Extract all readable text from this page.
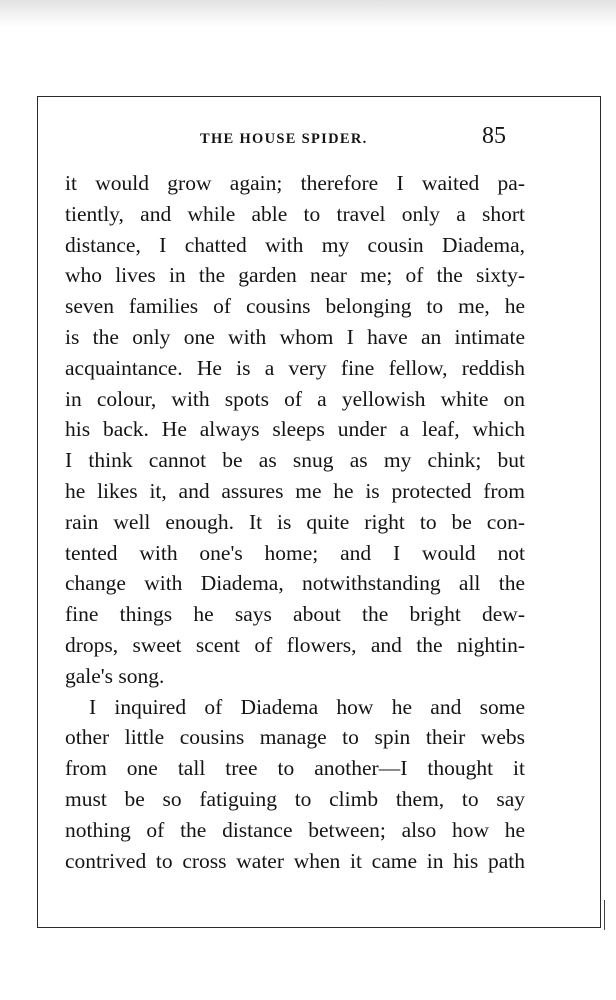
THE HOUSE SPIDER.	85
it would grow again; therefore I waited pa-
tiently, and while able to travel only a short
distance, I chatted with my cousin Diadema,
who lives in the garden near me; of the sixty-
seven families of cousins belonging to me, he
is the only one with whom I have an intimate
acquaintance. He is a very fine fellow, reddish
in colour, with spots of a yellowish white on
his back. He always sleeps under a leaf, which
I think cannot be as snug as my chink; but
he likes it, and assures me he is protected from
rain well enough. It is quite right to be con-
tented with one's home; and I would not
change with Diadema, notwithstanding all the
fine things he says about the bright dew-
drops, sweet scent of flowers, and the nightin-
gale's song.
I inquired of Diadema how he and some
other little cousins manage to spin their webs
from one tall tree to another—I thought it
must be so fatiguing to climb them, to say
nothing of the distance between; also how he
contrived to cross water when it came in his path
